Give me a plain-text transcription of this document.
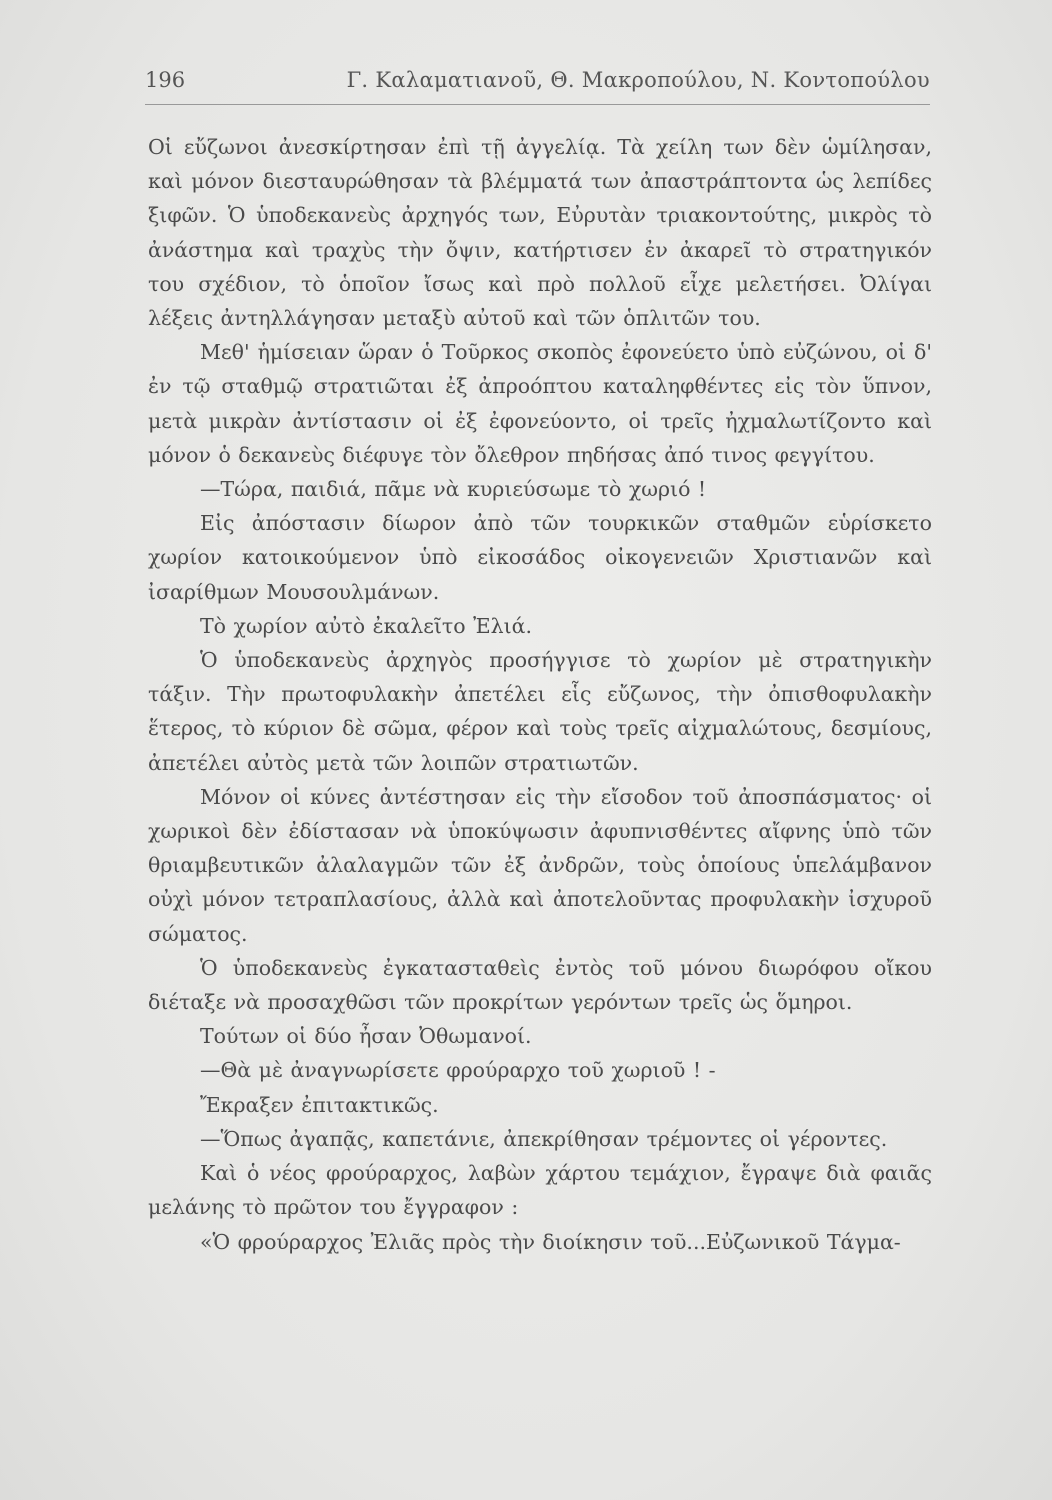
196	Γ. Καλαματιανοῦ, Θ. Μακροπούλου, Ν. Κοντοπούλου

Οἱ εὔζωνοι ἀνεσκίρτησαν ἐπὶ τῇ ἀγγελίᾳ. Τὰ χείλη των δὲν ὡμίλησαν, καὶ μόνον διεσταυρώθησαν τὰ βλέμματά των ἀπαστράπτοντα ὡς λεπίδες ξιφῶν. Ὁ ὑποδεκανεὺς ἀρχηγός των, Εὐρυτὰν τριακοντούτης, μικρὸς τὸ ἀνάστημα καὶ τραχὺς τὴν ὄψιν, κατήρτισεν ἐν ἀκαρεῖ τὸ στρατηγικόν του σχέδιον, τὸ ὁποῖον ἴσως καὶ πρὸ πολλοῦ εἶχε μελετήσει. Ὀλίγαι λέξεις ἀντηλλάγησαν μεταξὺ αὐτοῦ καὶ τῶν ὁπλιτῶν του.

Μεθ' ἡμίσειαν ὥραν ὁ Τοῦρκος σκοπὸς ἐφονεύετο ὑπὸ εὐζώνου, οἱ δ' ἐν τῷ σταθμῷ στρατιῶται ἐξ ἀπροόπτου καταληφθέντες εἰς τὸν ὕπνον, μετὰ μικρὰν ἀντίστασιν οἱ ἐξ ἐφονεύοντο, οἱ τρεῖς ἠχμαλωτίζοντο καὶ μόνον ὁ δεκανεὺς διέφυγε τὸν ὄλεθρον πηδήσας ἀπό τινος φεγγίτου.

—Τώρα, παιδιά, πᾶμε νὰ κυριεύσωμε τὸ χωριό !

Εἰς ἀπόστασιν δίωρον ἀπὸ τῶν τουρκικῶν σταθμῶν εὑρίσκετο χωρίον κατοικούμενον ὑπὸ εἰκοσάδος οἰκογενειῶν Χριστιανῶν καὶ ἰσαρίθμων Μουσουλμάνων.

Τὸ χωρίον αὐτὸ ἐκαλεῖτο Ἐλιά.

Ὁ ὑποδεκανεὺς ἀρχηγὸς προσήγγισε τὸ χωρίον μὲ στρατηγικὴν τάξιν. Τὴν πρωτοφυλακὴν ἀπετέλει εἷς εὔζωνος, τὴν ὀπισθοφυλακὴν ἕτερος, τὸ κύριον δὲ σῶμα, φέρον καὶ τοὺς τρεῖς αἰχμαλώτους, δεσμίους, ἀπετέλει αὐτὸς μετὰ τῶν λοιπῶν στρατιωτῶν.

Μόνον οἱ κύνες ἀντέστησαν εἰς τὴν εἴσοδον τοῦ ἀποσπάσματος· οἱ χωρικοὶ δὲν ἐδίστασαν νὰ ὑποκύψωσιν ἀφυπνισθέντες αἴφνης ὑπὸ τῶν θριαμβευτικῶν ἀλαλαγμῶν τῶν ἐξ ἀνδρῶν, τοὺς ὁποίους ὑπελάμβανον οὐχὶ μόνον τετραπλασίους, ἀλλὰ καὶ ἀποτελοῦντας προφυλακὴν ἰσχυροῦ σώματος.

Ὁ ὑποδεκανεὺς ἐγκατασταθεὶς ἐντὸς τοῦ μόνου διωρόφου οἴκου διέταξε νὰ προσαχθῶσι τῶν προκρίτων γερόντων τρεῖς ὡς ὅμηροι.

Τούτων οἱ δύο ἦσαν Ὀθωμανοί.

—Θὰ μὲ ἀναγνωρίσετε φρούραρχο τοῦ χωριοῦ ! -

Ἔκραξεν ἐπιτακτικῶς.

—Ὅπως ἀγαπᾷς, καπετάνιε, ἀπεκρίθησαν τρέμοντες οἱ γέροντες.

Καὶ ὁ νέος φρούραρχος, λαβὼν χάρτου τεμάχιον, ἔγραψε διὰ φαιᾶς μελάνης τὸ πρῶτον του ἔγγραφον :

«Ὁ φρούραρχος Ἐλιᾶς πρὸς τὴν διοίκησιν τοῦ...Εὐζωνικοῦ Τάγμα-
